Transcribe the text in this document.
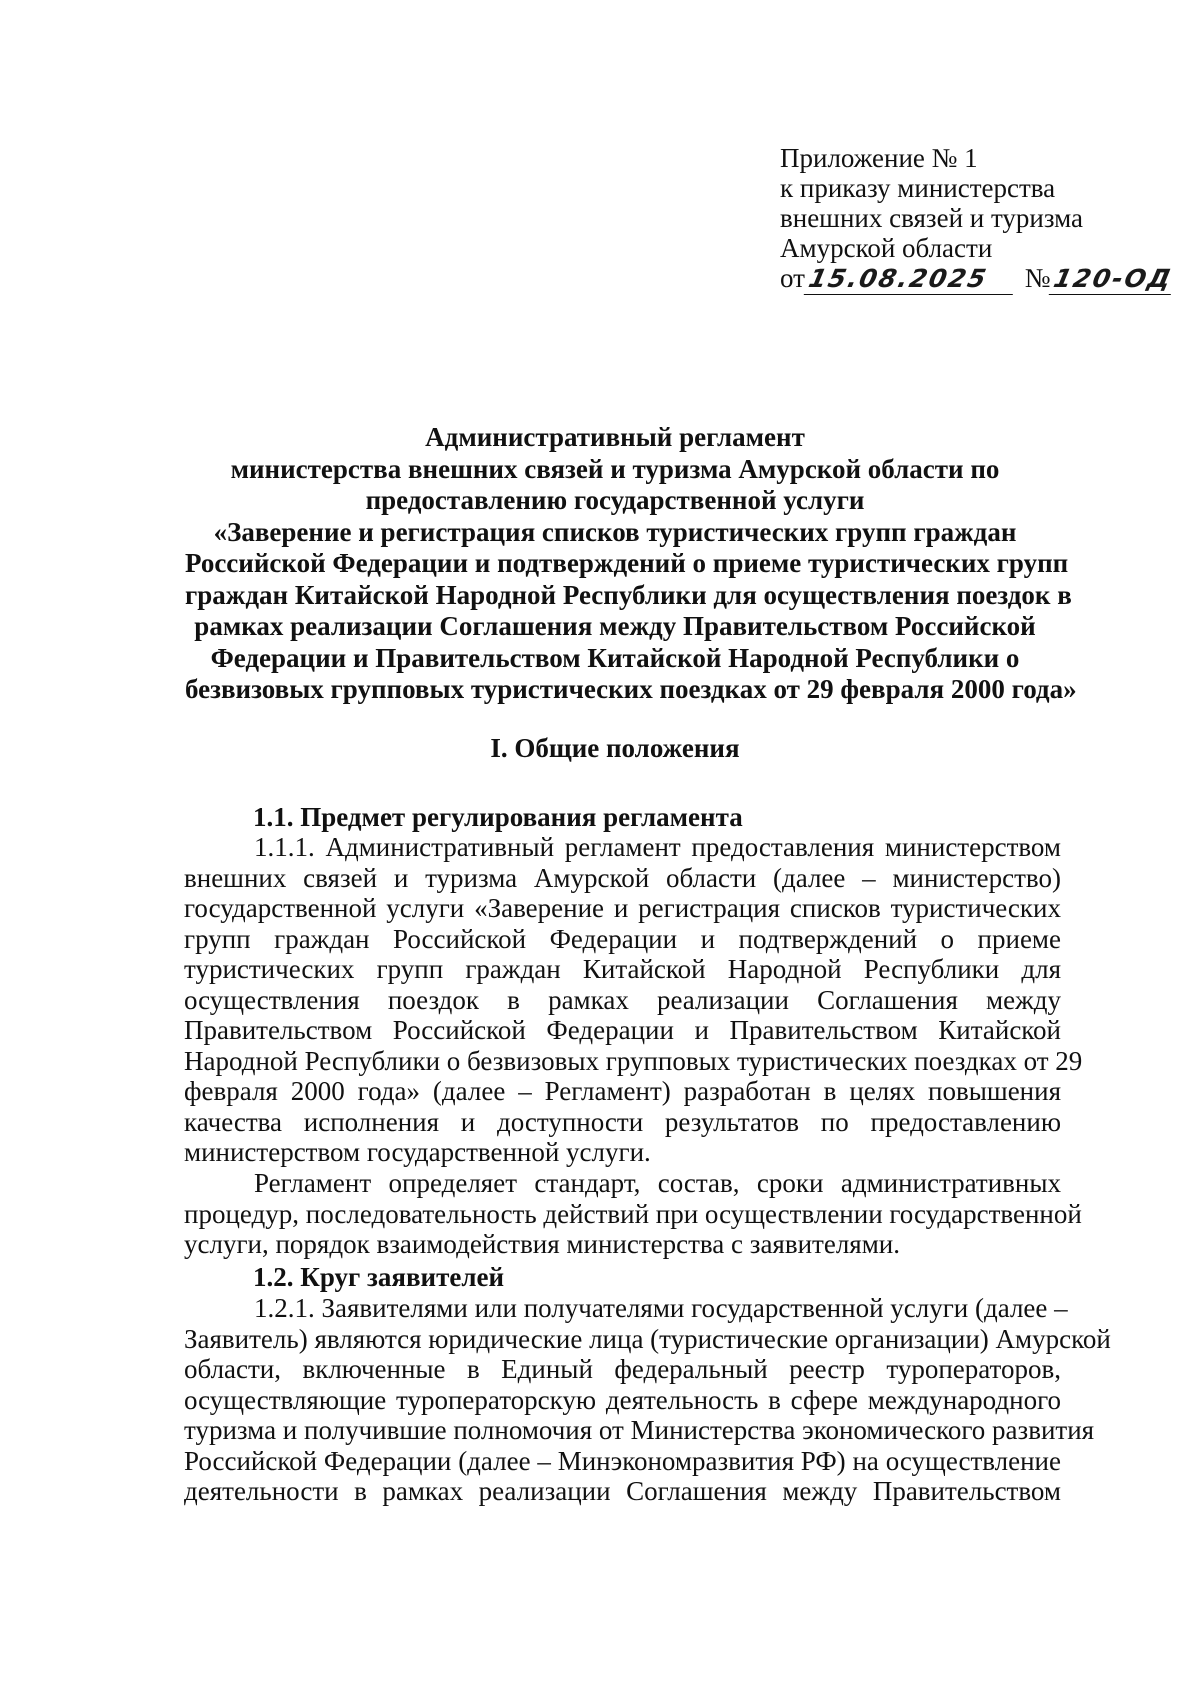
Приложение № 1
к приказу министерства
внешних связей и туризма
Амурской области
от15.08.2025 №120-ОД
Административный регламент
министерства внешних связей и туризма Амурской области по
предоставлению государственной услуги
«Заверение и регистрация списков туристических групп граждан
Российской Федерации и подтверждений о приеме туристических групп
граждан Китайской Народной Республики для осуществления поездок в
рамках реализации Соглашения между Правительством Российской
Федерации и Правительством Китайской Народной Республики о
безвизовых групповых туристических поездках от 29 февраля 2000 года»
I. Общие положения
1.1. Предмет регулирования регламента
1.1.1. Административный регламент предоставления министерством
внешних связей и туризма Амурской области (далее – министерство)
государственной услуги «Заверение и регистрация списков туристических
групп граждан Российской Федерации и подтверждений о приеме
туристических групп граждан Китайской Народной Республики для
осуществления поездок в рамках реализации Соглашения между
Правительством Российской Федерации и Правительством Китайской
Народной Республики о безвизовых групповых туристических поездках от 29
февраля 2000 года» (далее – Регламент) разработан в целях повышения
качества исполнения и доступности результатов по предоставлению
министерством государственной услуги.
Регламент определяет стандарт, состав, сроки административных
процедур, последовательность действий при осуществлении государственной
услуги, порядок взаимодействия министерства с заявителями.
1.2. Круг заявителей
1.2.1. Заявителями или получателями государственной услуги (далее –
Заявитель) являются юридические лица (туристические организации) Амурской
области, включенные в Единый федеральный реестр туроператоров,
осуществляющие туроператорскую деятельность в сфере международного
туризма и получившие полномочия от Министерства экономического развития
Российской Федерации (далее – Минэкономразвития РФ) на осуществление
деятельности в рамках реализации Соглашения между Правительством
